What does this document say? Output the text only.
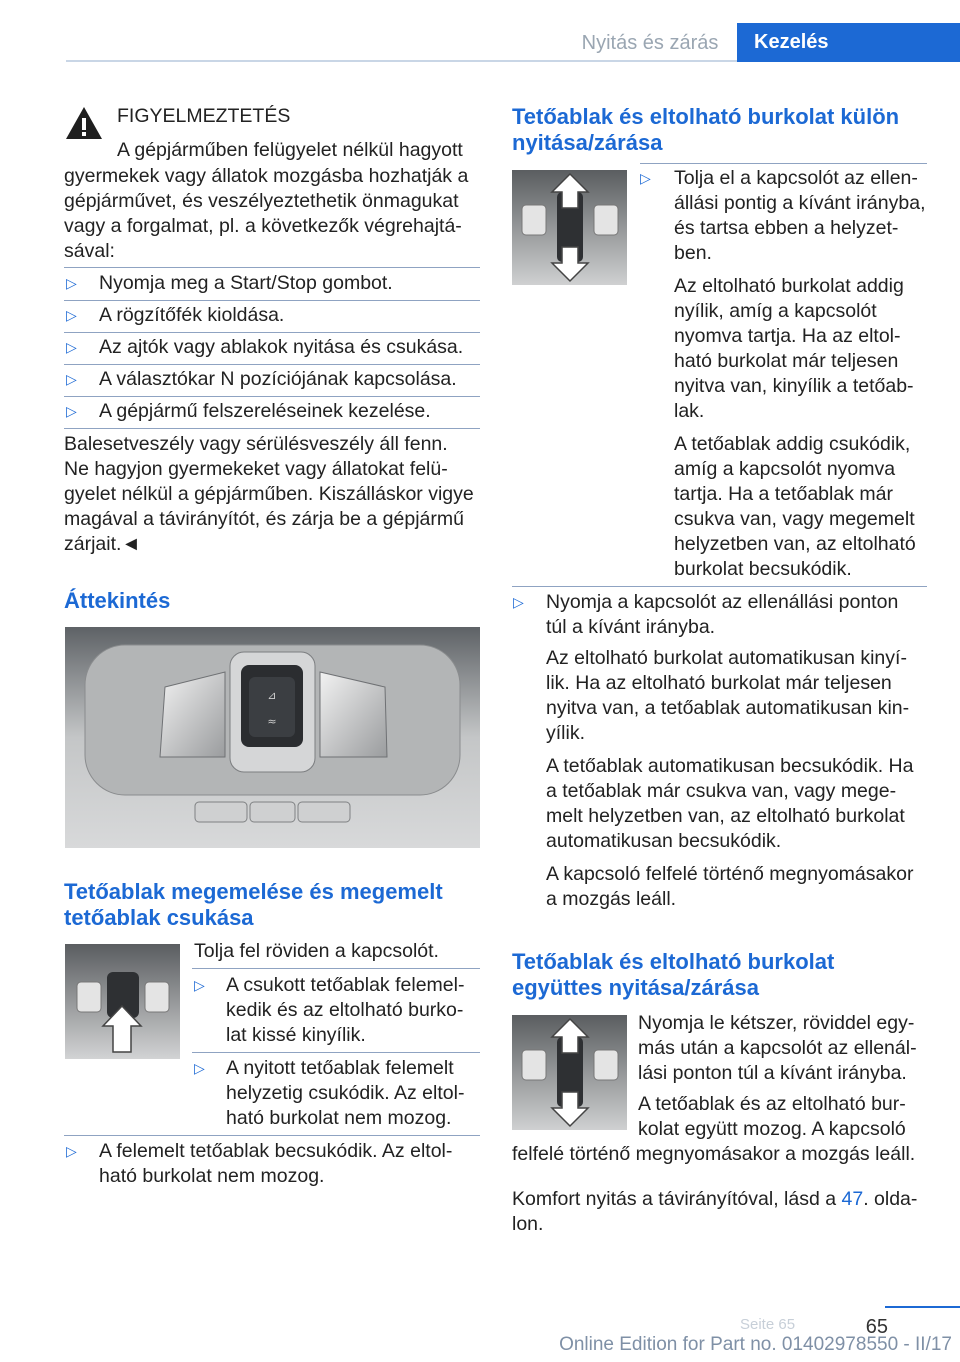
Nyitás és zárás	Kezelés
FIGYELMEZTETÉS
A gépjárműben felügyelet nélkül hagyott
gyermekek vagy állatok mozgásba hozhatják a
gépjárművet, és veszélyeztethetik önmagukat
vagy a forgalmat, pl. a következők végrehajtá-
sával:
▷ Nyomja meg a Start/Stop gombot.
▷ A rögzítőfék kioldása.
▷ Az ajtók vagy ablakok nyitása és csukása.
▷ A választókar N pozíciójának kapcsolása.
▷ A gépjármű felszereléseinek kezelése.
Balesetveszély vagy sérülésveszély áll fenn.
Ne hagyjon gyermekeket vagy állatokat felü-
gyelet nélkül a gépjárműben. Kiszálláskor vigye
magával a távirányítót, és zárja be a gépjármű
zárjait.◄
Áttekintés
⊿
≈
Tetőablak megemelése és megemelt
tetőablak csukása
Tolja fel röviden a kapcsolót.
▷ A csukott tetőablak felemel-
kedik és az eltolható burko-
lat kissé kinyílik.
▷ A nyitott tetőablak felemelt
helyzetig csukódik. Az eltol-
ható burkolat nem mozog.
▷ A felemelt tetőablak becsukódik. Az eltol-
ható burkolat nem mozog.
Tetőablak és eltolható burkolat külön
nyitása/zárása
▷ Tolja el a kapcsolót az ellen-
állási pontig a kívánt irányba,
és tartsa ebben a helyzet-
ben.
Az eltolható burkolat addig
nyílik, amíg a kapcsolót
nyomva tartja. Ha az eltol-
ható burkolat már teljesen
nyitva van, kinyílik a tetőab-
lak.
A tetőablak addig csukódik,
amíg a kapcsolót nyomva
tartja. Ha a tetőablak már
csukva van, vagy megemelt
helyzetben van, az eltolható
burkolat becsukódik.
▷ Nyomja a kapcsolót az ellenállási ponton
túl a kívánt irányba.
Az eltolható burkolat automatikusan kinyí-
lik. Ha az eltolható burkolat már teljesen
nyitva van, a tetőablak automatikusan kin-
yílik.
A tetőablak automatikusan becsukódik. Ha
a tetőablak már csukva van, vagy mege-
melt helyzetben van, az eltolható burkolat
automatikusan becsukódik.
A kapcsoló felfelé történő megnyomásakor
a mozgás leáll.
Tetőablak és eltolható burkolat
együttes nyitása/zárása
Nyomja le kétszer, röviddel egy-
más után a kapcsolót az ellenál-
lási ponton túl a kívánt irányba.
A tetőablak és az eltolható bur-
kolat együtt mozog. A kapcsoló
felfelé történő megnyomásakor a mozgás leáll.
Komfort nyitás a távirányítóval, lásd a 47. olda-
lon.
65
Seite 65
Online Edition for Part no. 01402978550 - II/17
